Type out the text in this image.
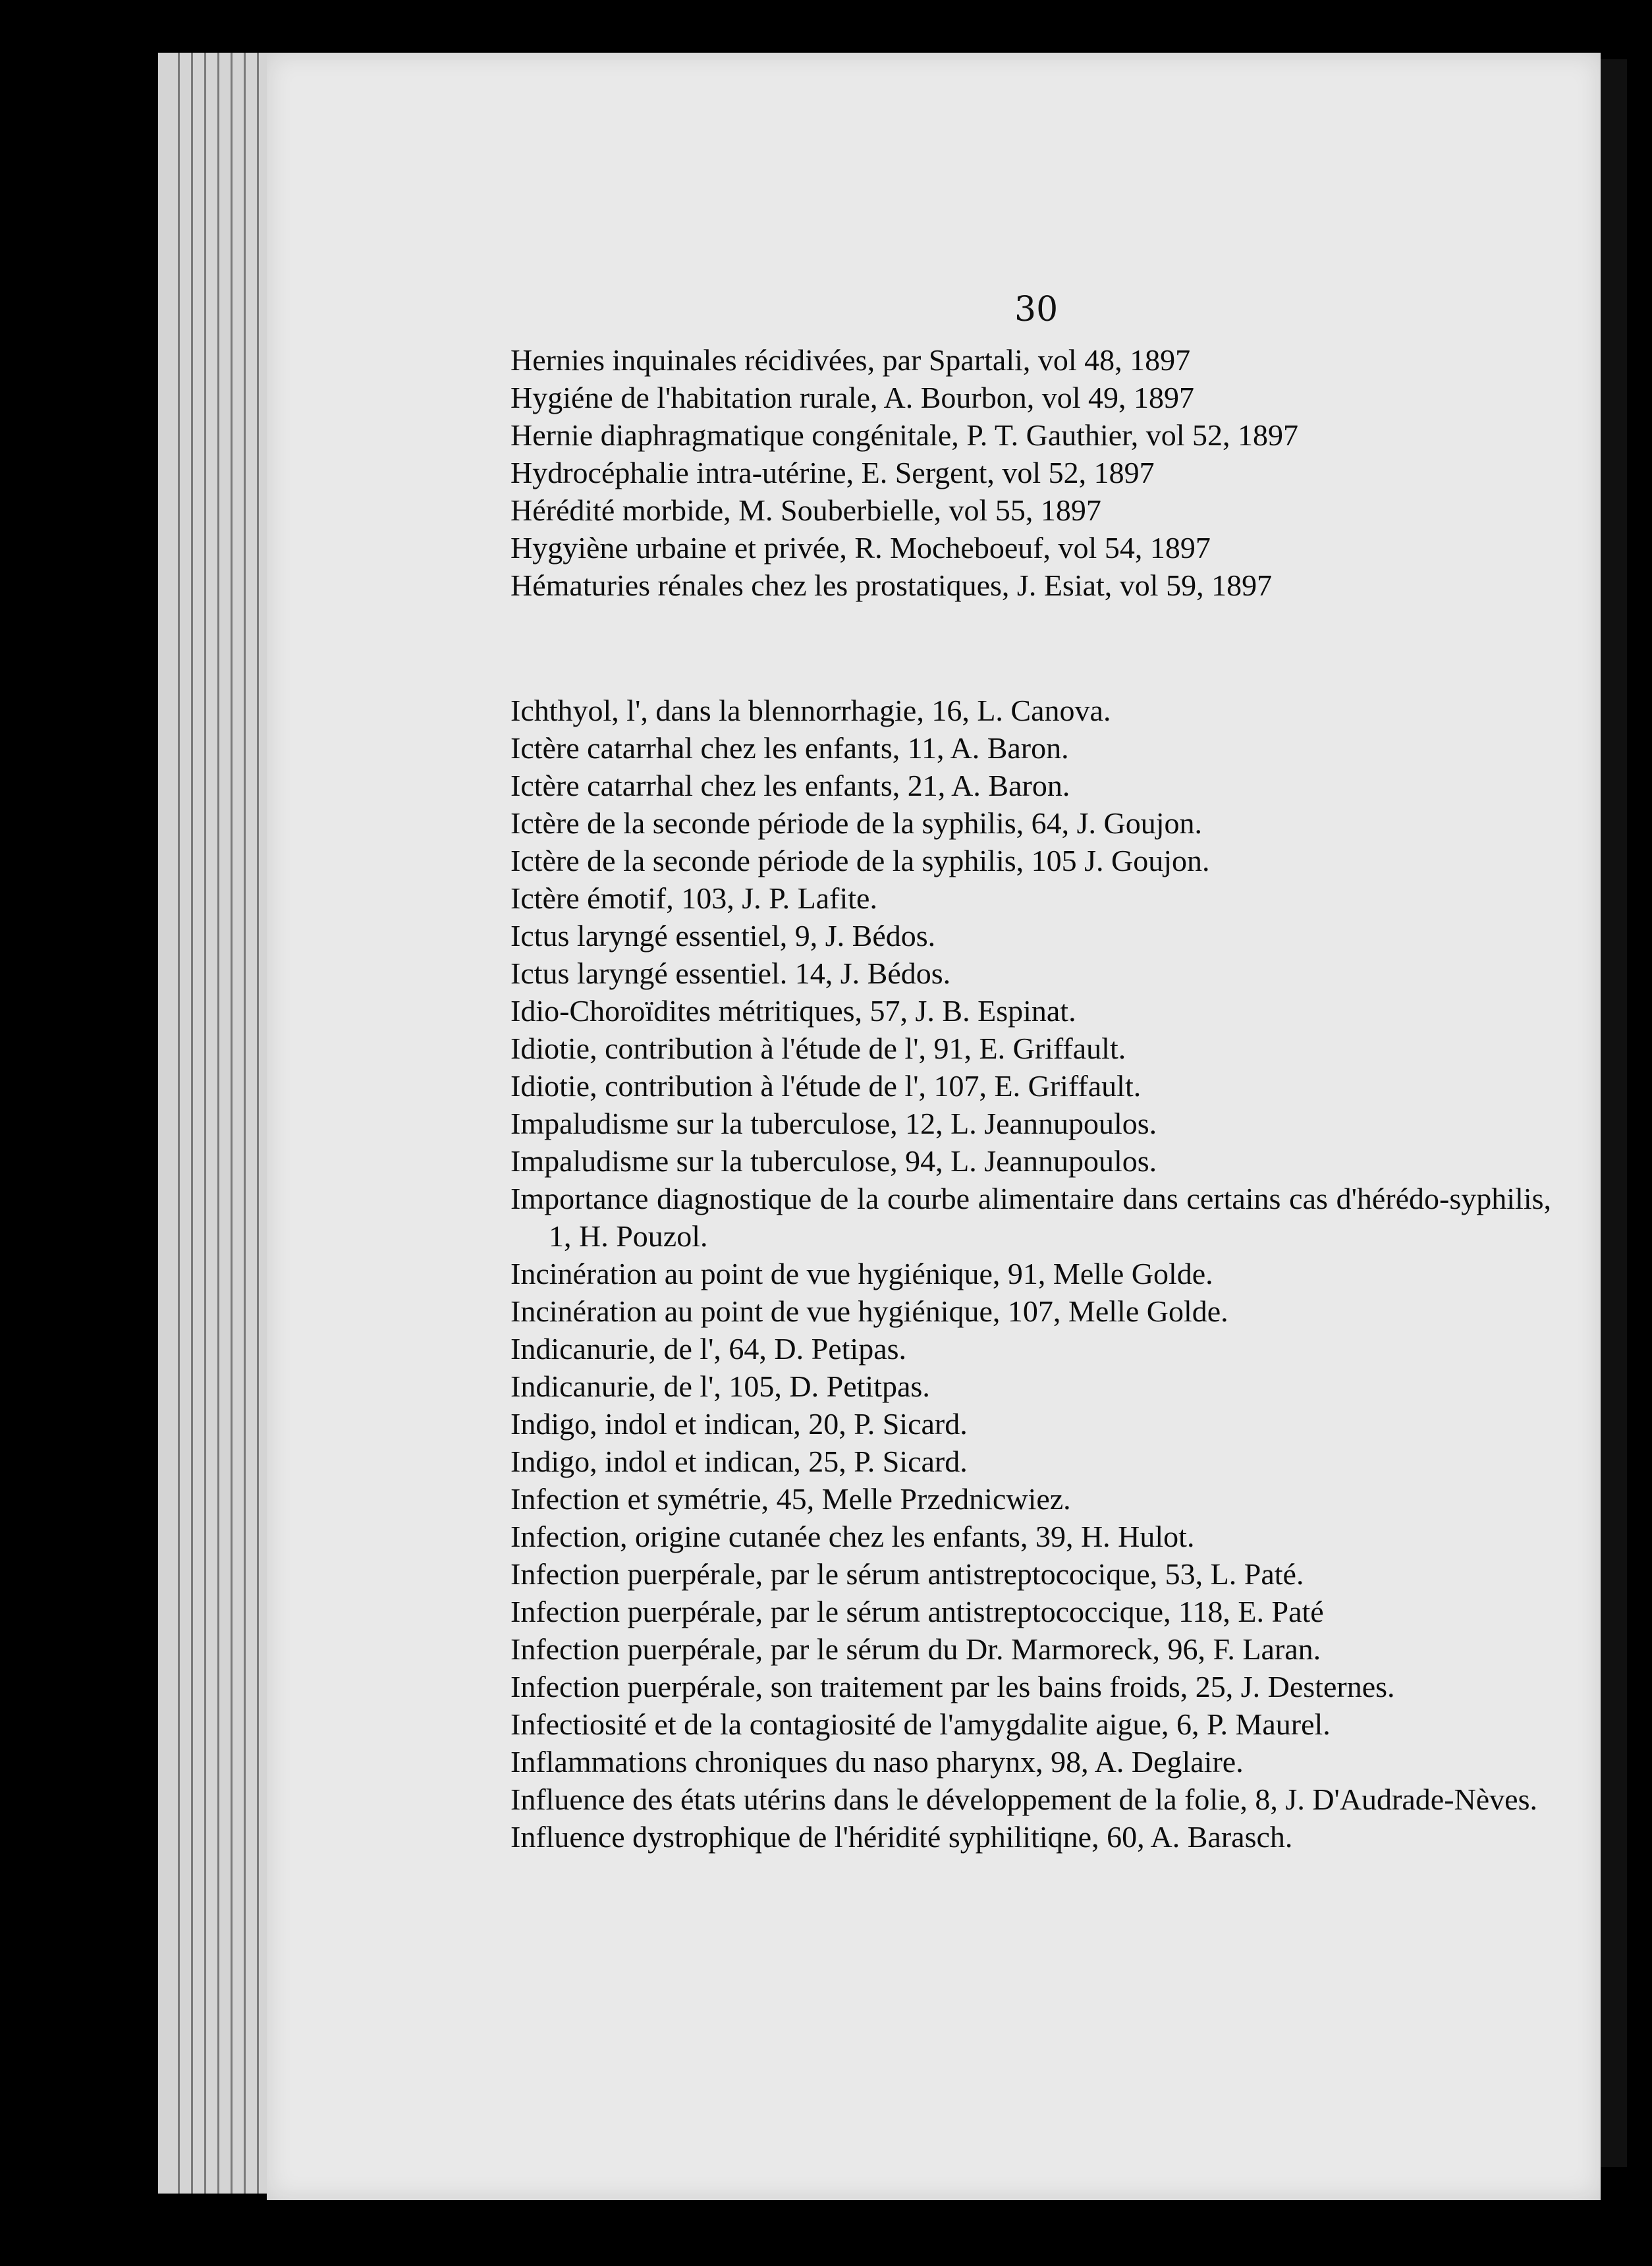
30

Hernies inquinales récidivées, par Spartali, vol 48, 1897

Hygiéne de l'habitation rurale, A. Bourbon, vol 49, 1897

Hernie diaphragmatique congénitale, P. T. Gauthier, vol 52, 1897

Hydrocéphalie intra-utérine, E. Sergent, vol 52, 1897

Hérédité morbide, M. Souberbielle, vol 55, 1897

Hygyiène urbaine et privée, R. Mocheboeuf, vol 54, 1897

Hématuries rénales chez les prostatiques, J. Esiat, vol 59, 1897

Ichthyol, l', dans la blennorrhagie, 16, L. Canova.

Ictère catarrhal chez les enfants, 11, A. Baron.

Ictère catarrhal chez les enfants, 21, A. Baron.

Ictère de la seconde période de la syphilis, 64, J. Goujon.

Ictère de la seconde période de la syphilis, 105 J. Goujon.

Ictère émotif, 103, J. P. Lafite.

Ictus laryngé essentiel, 9, J. Bédos.

Ictus laryngé essentiel. 14, J. Bédos.

Idio-Choroïdites métritiques, 57, J. B. Espinat.

Idiotie, contribution à l'étude de l', 91, E. Griffault.

Idiotie, contribution à l'étude de l', 107, E. Griffault.

Impaludisme sur la tuberculose, 12, L. Jeannupoulos.

Impaludisme sur la tuberculose, 94, L. Jeannupoulos.

Importance diagnostique de la courbe alimentaire dans certains cas d'hérédo-syphilis, 1, H. Pouzol.

Incinération au point de vue hygiénique, 91, Melle Golde.

Incinération au point de vue hygiénique, 107, Melle Golde.

Indicanurie, de l', 64, D. Petipas.

Indicanurie, de l', 105, D. Petitpas.

Indigo, indol et indican, 20, P. Sicard.

Indigo, indol et indican, 25, P. Sicard.

Infection et symétrie, 45, Melle Przednicwiez.

Infection, origine cutanée chez les enfants, 39, H. Hulot.

Infection puerpérale, par le sérum antistreptococique, 53, L. Paté.

Infection puerpérale, par le sérum antistreptococcique, 118, E. Paté

Infection puerpérale, par le sérum du Dr. Marmoreck, 96, F. Laran.

Infection puerpérale, son traitement par les bains froids, 25, J. Desternes.

Infectiosité et de la contagiosité de l'amygdalite aigue, 6, P. Maurel.

Inflammations chroniques du naso pharynx, 98, A. Deglaire.

Influence des états utérins dans le développement de la folie, 8, J. D'Audrade-Nèves.

Influence dystrophique de l'héridité syphilitiqne, 60, A. Barasch.
